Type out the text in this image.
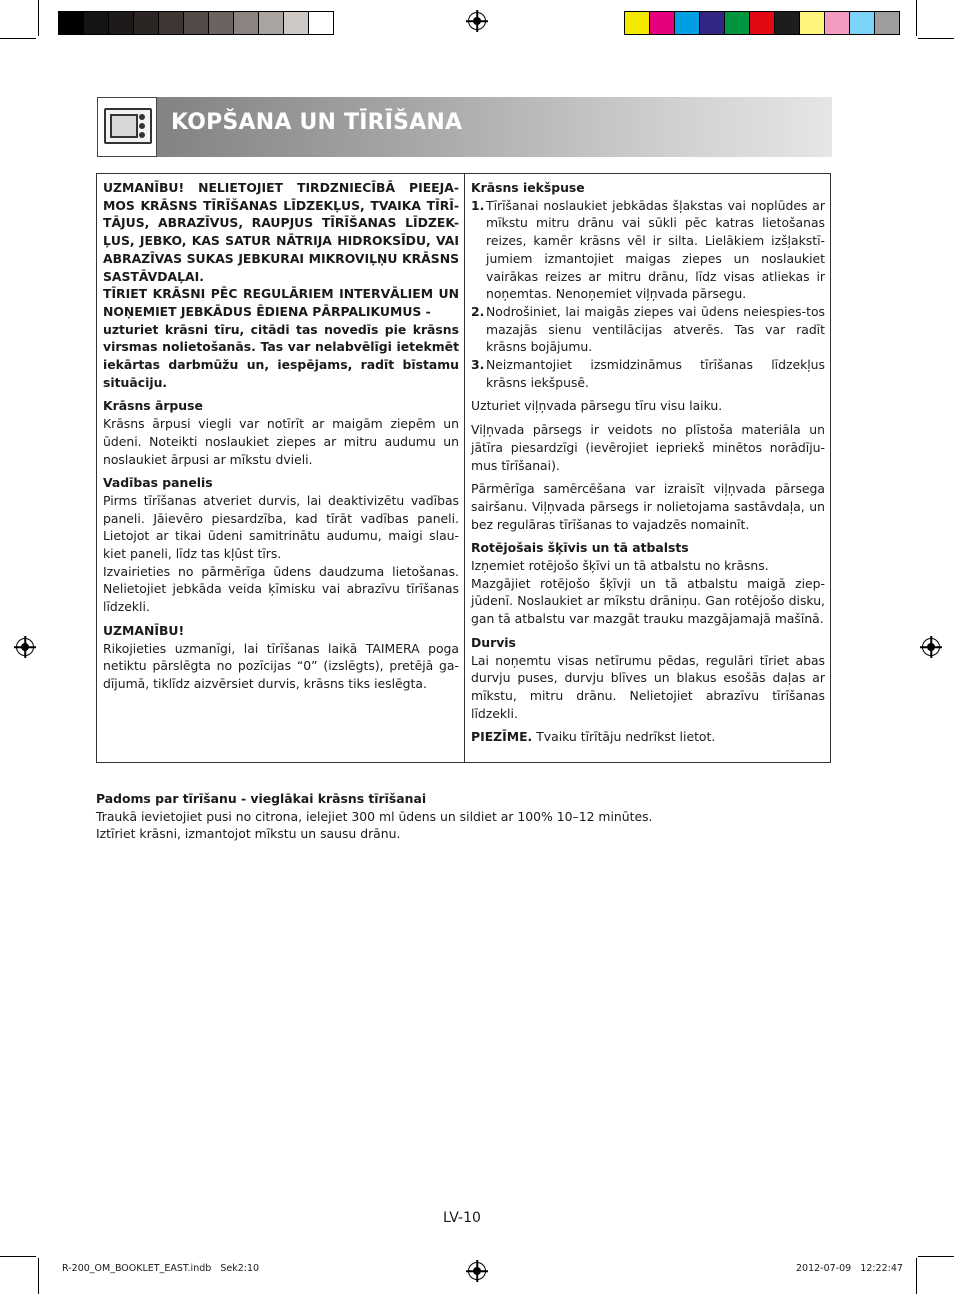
KOPŠANA UN TĪRĪŠANA

UZMANĪBU! NELIETOJIET TIRDZNIECĪBĀ PIEEJA-MOS KRĀSNS TĪRĪŠANAS LĪDZEKĻUS, TVAIKA TĪRĪ-TĀJUS, ABRAZĪVUS, RAUPJUS TĪRĪŠANAS LĪDZEK-ĻUS, JEBKO, KAS SATUR NĀTRIJA HIDROKSĪDU, VAI ABRAZĪVAS SUKAS JEBKURAI MIKROVIĻŅU KRĀSNS SASTĀVDAĻAI.

TĪRIET KRĀSNI PĒC REGULĀRIEM INTERVĀLIEM UN NOŅEMIET JEBKĀDUS ĒDIENA PĀRPALIKUMUS -

uzturiet krāsni tīru, citādi tas novedīs pie krāsns virsmas nolietošanās. Tas var nelabvēlīgi ietekmēt iekārtas darbmūžu un, iespējams, radīt bīstamu situāciju.

Krāsns ārpuse

Krāsns ārpusi viegli var notīrīt ar maigām ziepēm un ūdeni. Noteikti noslaukiet ziepes ar mitru audumu un noslaukiet ārpusi ar mīkstu dvieli.

Vadības panelis

Pirms tīrīšanas atveriet durvis, lai deaktivizētu vadības paneli. Jāievēro piesardzība, kad tīrāt vadības paneli. Lietojot ar tikai ūdeni samitrinātu audumu, maigi slau-kiet paneli, līdz tas kļūst tīrs.

Izvairieties no pārmērīga ūdens daudzuma lietošanas. Nelietojiet jebkāda veida ķīmisku vai abrazīvu tīrīšanas līdzekli.

UZMANĪBU!

Rikojieties uzmanīgi, lai tīrīšanas laikā TAIMERA poga netiktu pārslēgta no pozīcijas “0” (izslēgts), pretējā ga-dījumā, tiklīdz aizvērsiet durvis, krāsns tiks ieslēgta.

Krāsns iekšpuse

1. Tīrīšanai noslaukiet jebkādas šļakstas vai noplūdes ar mīkstu mitru drānu vai sūkli pēc katras lietošanas reizes, kamēr krāsns vēl ir silta. Lielākiem izšļakstī-jumiem izmantojiet maigas ziepes un noslaukiet vairākas reizes ar mitru drānu, līdz visas atliekas ir noņemtas. Nenoņemiet viļņvada pārsegu.
2. Nodrošiniet, lai maigās ziepes vai ūdens neiespies-tos mazajās sienu ventilācijas atverēs. Tas var radīt krāsns bojājumu.
3. Neizmantojiet izsmidzināmus tīrīšanas līdzekļus krāsns iekšpusē.

Uzturiet viļņvada pārsegu tīru visu laiku.

Viļņvada pārsegs ir veidots no plīstoša materiāla un jātīra piesardzīgi (ievērojiet iepriekš minētos norādīju-mus tīrīšanai).

Pārmērīga samērcēšana var izraisīt viļņvada pārsega sairšanu. Viļņvada pārsegs ir nolietojama sastāvdaļa, un bez regulāras tīrīšanas to vajadzēs nomainīt.

Rotējošais šķīvis un tā atbalsts

Izņemiet rotējošo šķīvi un tā atbalstu no krāsns.

Mazgājiet rotējošo šķīvji un tā atbalstu maigā ziep-jūdenī. Noslaukiet ar mīkstu drāniņu. Gan rotējošo disku, gan tā atbalstu var mazgāt trauku mazgājamajā mašīnā.

Durvis

Lai noņemtu visas netīrumu pēdas, regulāri tīriet abas durvju puses, durvju blīves un blakus esošās daļas ar mīkstu, mitru drānu. Nelietojiet abrazīvu tīrīšanas līdzekli.

PIEZĪME. Tvaiku tīrītāju nedrīkst lietot.

Padoms par tīrīšanu - vieglākai krāsns tīrīšanai

Traukā ievietojiet pusi no citrona, ielejiet 300 ml ūdens un sildiet ar 100% 10–12 minūtes.

Iztīriet krāsni, izmantojot mīkstu un sausu drānu.

LV-10
R-200_OM_BOOKLET_EAST.indb   Sek2:10	2012-07-09   12:22:47
